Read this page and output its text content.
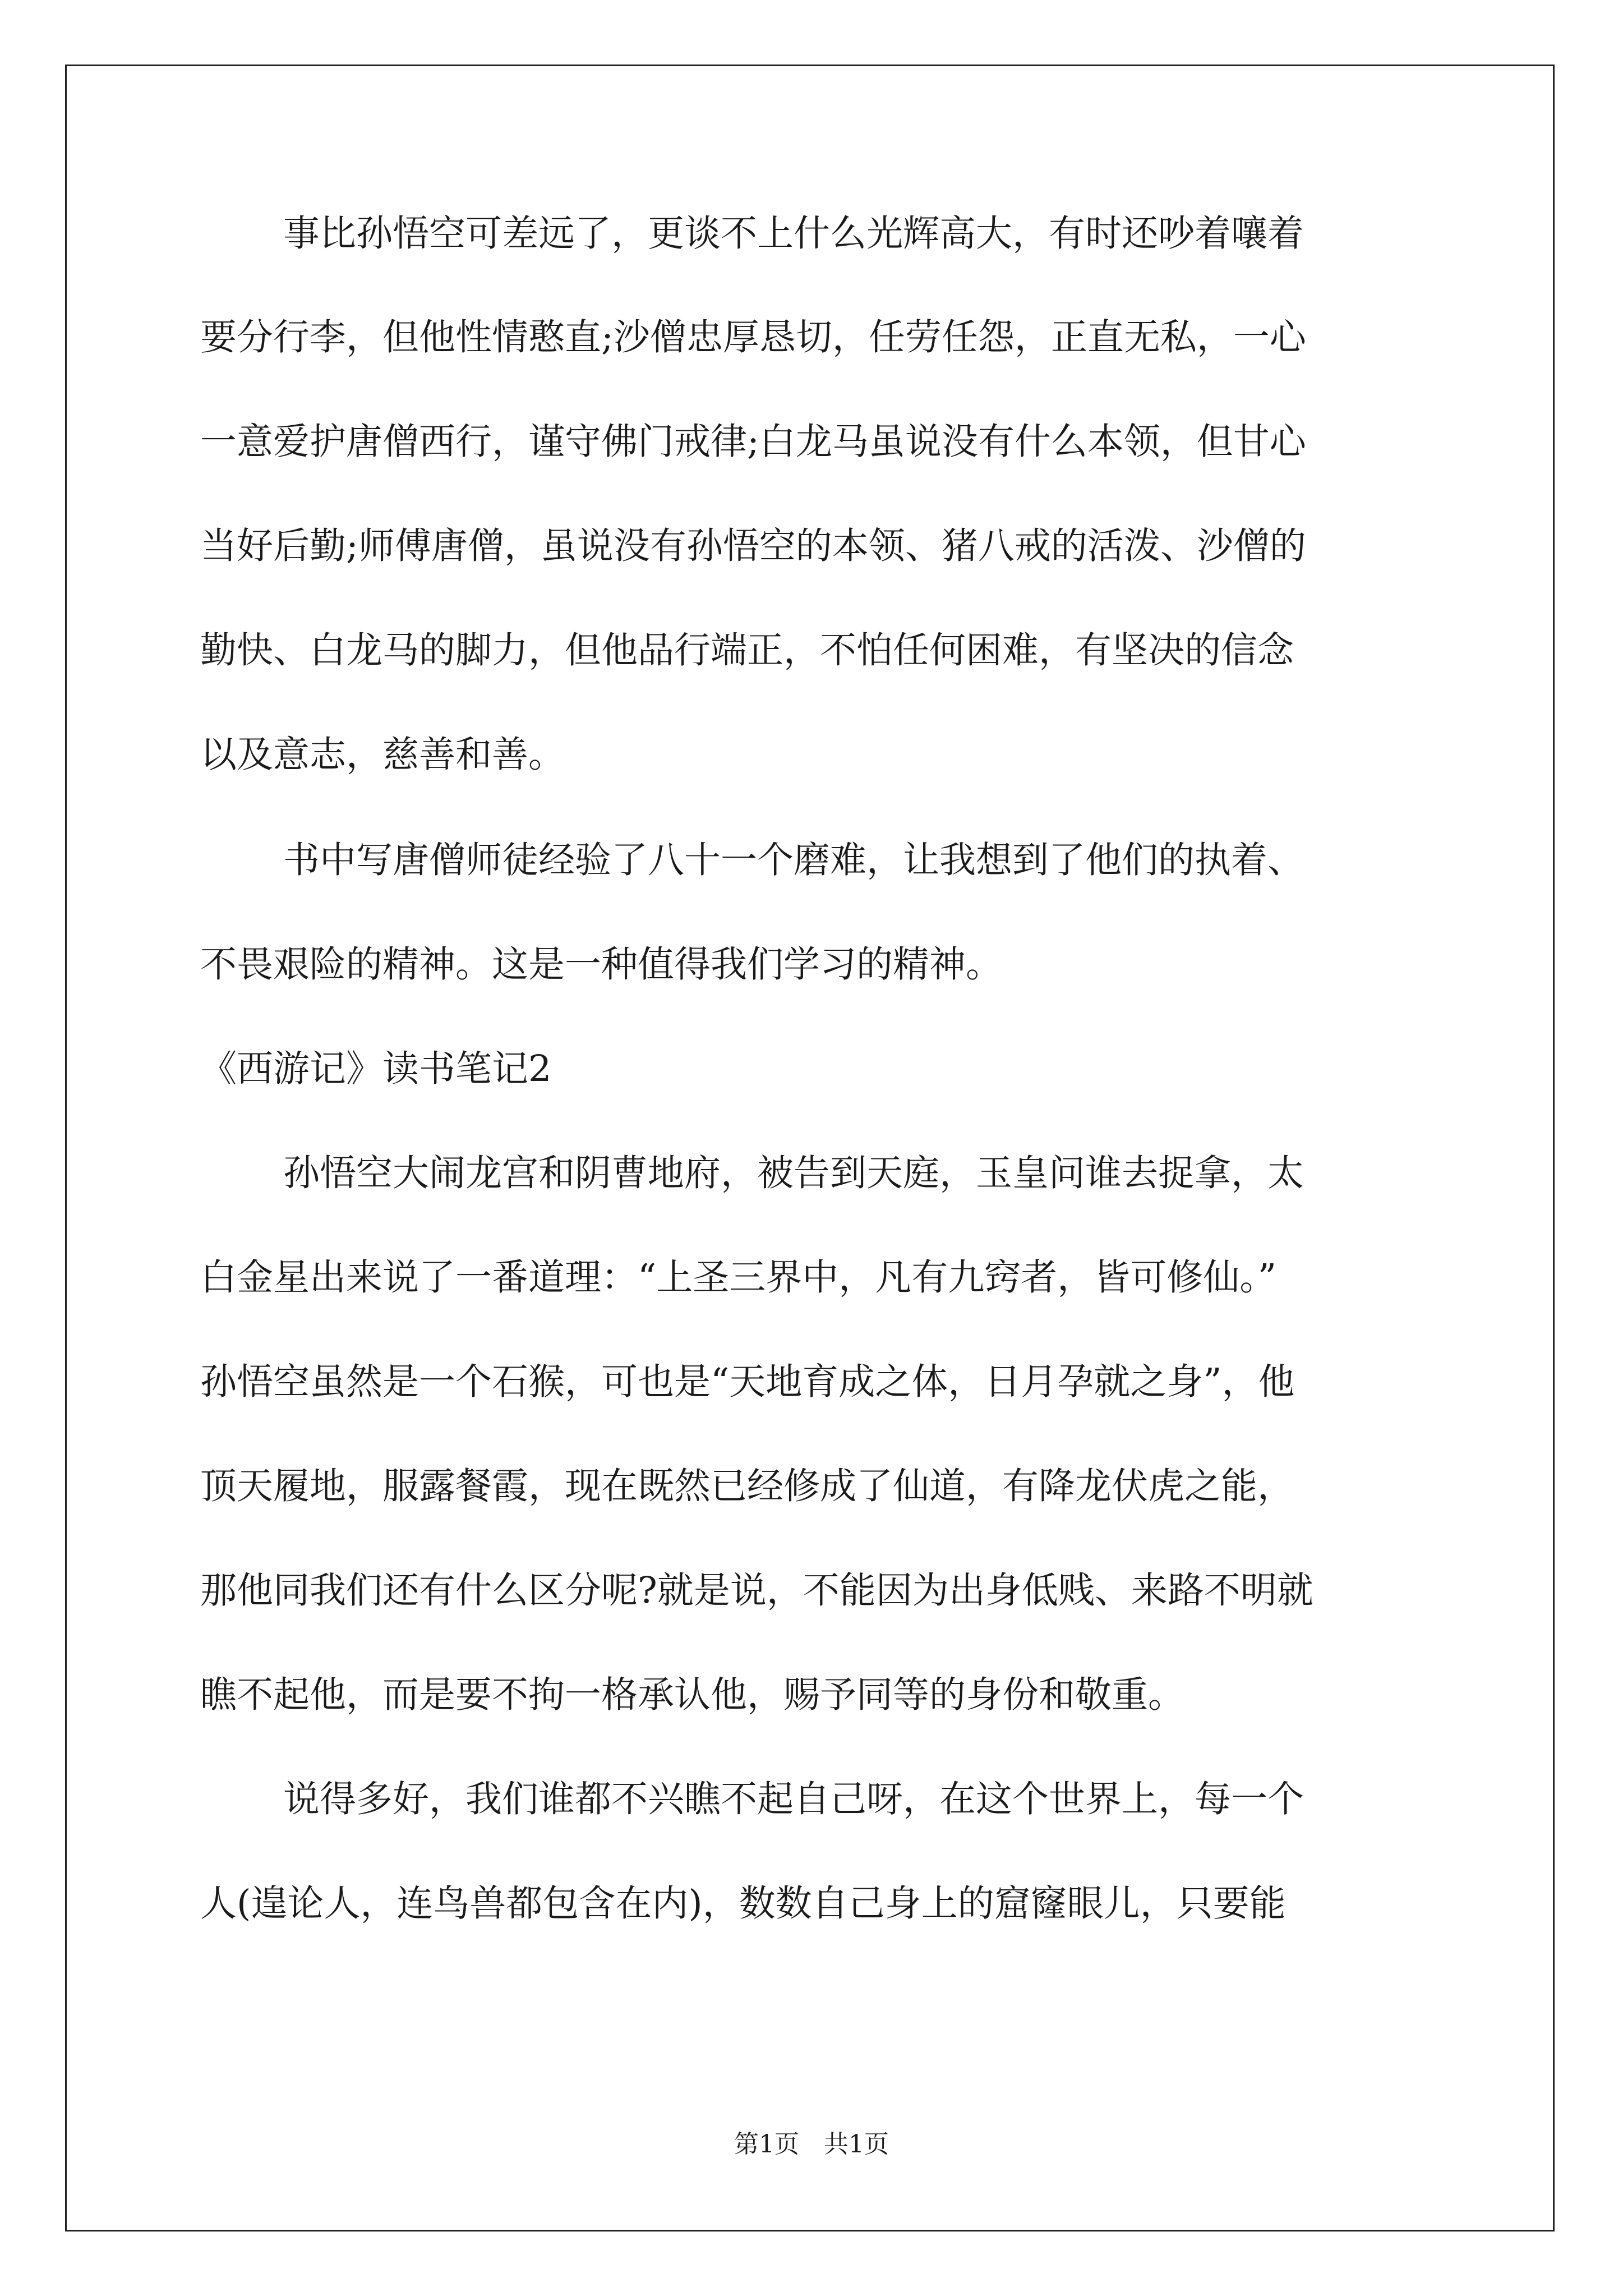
事比孙悟空可差远了，更谈不上什么光辉高大，有时还吵着嚷着
要分行李，但他性情憨直;沙僧忠厚恳切，任劳任怨，正直无私，一心
一意爱护唐僧西行，谨守佛门戒律;白龙马虽说没有什么本领，但甘心
当好后勤;师傅唐僧，虽说没有孙悟空的本领、猪八戒的活泼、沙僧的
勤快、白龙马的脚力，但他品行端正，不怕任何困难，有坚决的信念
以及意志，慈善和善。
书中写唐僧师徒经验了八十一个磨难，让我想到了他们的执着、
不畏艰险的精神。这是一种值得我们学习的精神。
《西游记》读书笔记2
孙悟空大闹龙宫和阴曹地府，被告到天庭，玉皇问谁去捉拿，太
白金星出来说了一番道理：“上圣三界中，凡有九窍者，皆可修仙。”
孙悟空虽然是一个石猴，可也是“天地育成之体，日月孕就之身”，他
顶天履地，服露餐霞，现在既然已经修成了仙道，有降龙伏虎之能，
那他同我们还有什么区分呢?就是说，不能因为出身低贱、来路不明就
瞧不起他，而是要不拘一格承认他，赐予同等的身份和敬重。
说得多好，我们谁都不兴瞧不起自己呀，在这个世界上，每一个
人(遑论人，连鸟兽都包含在内)，数数自己身上的窟窿眼儿，只要能
第1页　共1页
